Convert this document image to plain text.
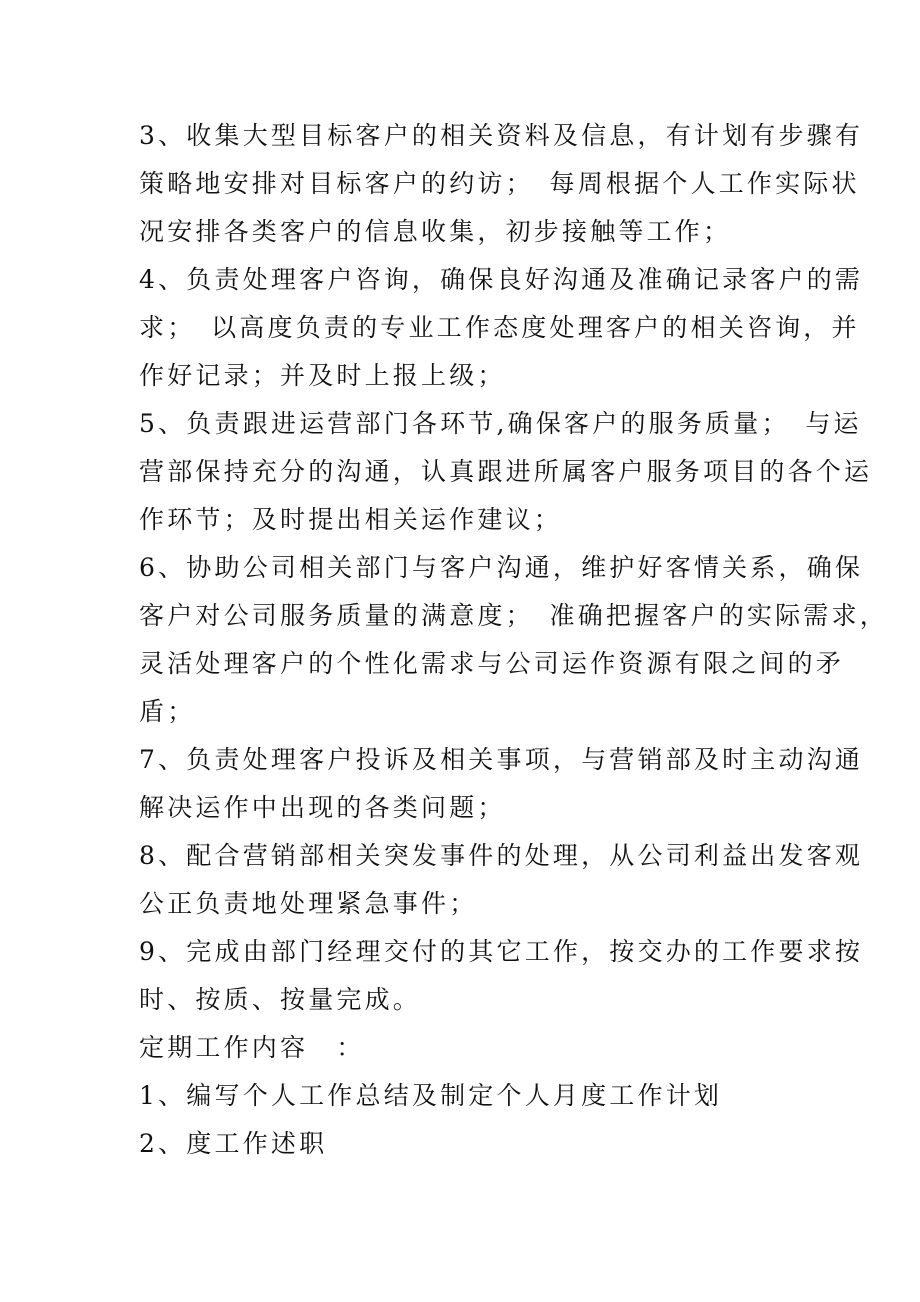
3、收集大型目标客户的相关资料及信息，有计划有步骤有

策略地安排对目标客户的约访；　每周根据个人工作实际状

况安排各类客户的信息收集，初步接触等工作；

4、负责处理客户咨询，确保良好沟通及准确记录客户的需

求；　以高度负责的专业工作态度处理客户的相关咨询，并

作好记录；并及时上报上级；

5、负责跟进运营部门各环节,确保客户的服务质量；　与运

营部保持充分的沟通，认真跟进所属客户服务项目的各个运

作环节；及时提出相关运作建议；

6、协助公司相关部门与客户沟通，维护好客情关系，确保

客户对公司服务质量的满意度；　准确把握客户的实际需求，

灵活处理客户的个性化需求与公司运作资源有限之间的矛

盾；

7、负责处理客户投诉及相关事项，与营销部及时主动沟通

解决运作中出现的各类问题；

8、配合营销部相关突发事件的处理，从公司利益出发客观

公正负责地处理紧急事件；

9、完成由部门经理交付的其它工作，按交办的工作要求按

时、按质、按量完成。

定期工作内容　：

1、编写个人工作总结及制定个人月度工作计划

2、度工作述职
